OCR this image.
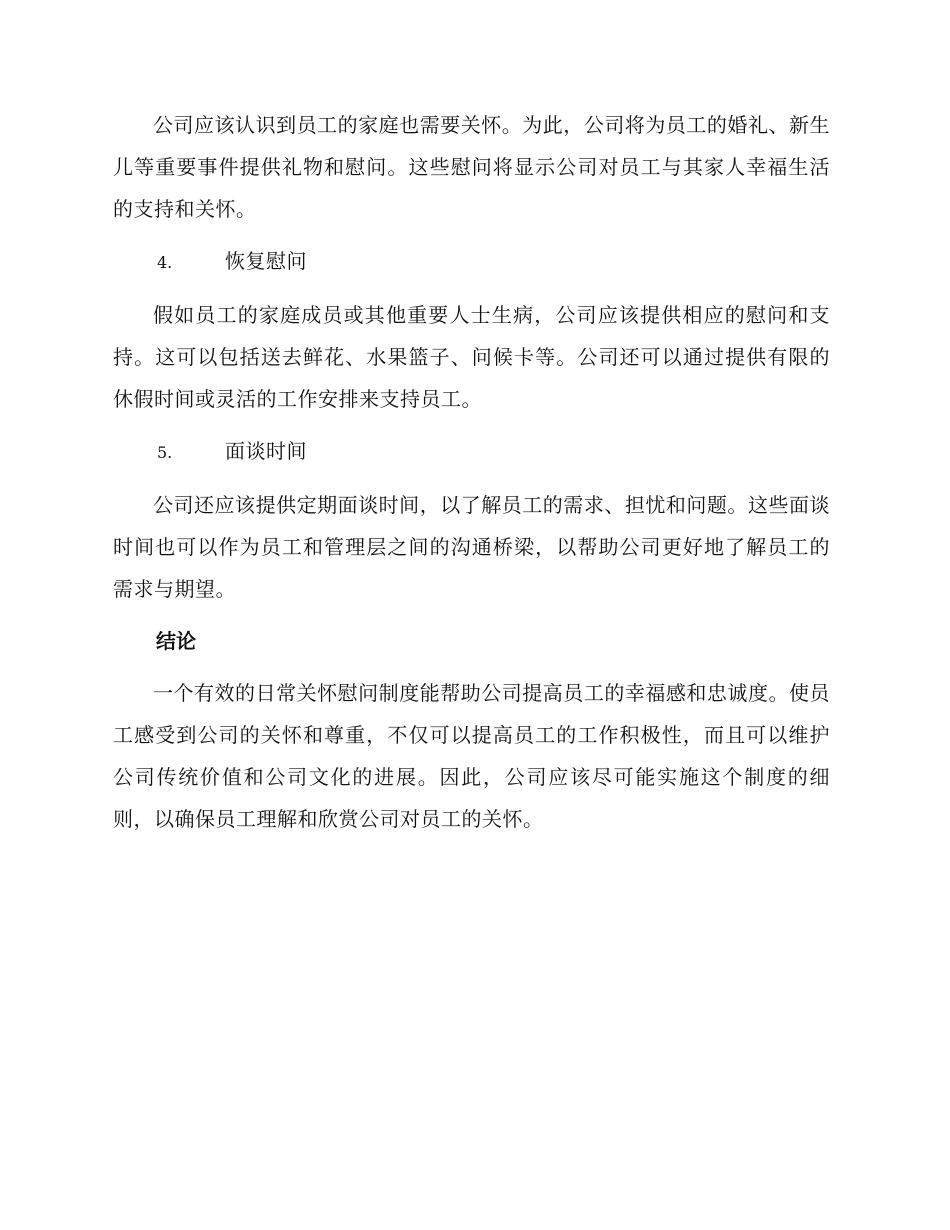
公司应该认识到员工的家庭也需要关怀。为此，公司将为员工的婚礼、新生儿等重要事件提供礼物和慰问。这些慰问将显示公司对员工与其家人幸福生活的支持和关怀。

4.	恢复慰问

假如员工的家庭成员或其他重要人士生病，公司应该提供相应的慰问和支持。这可以包括送去鲜花、水果篮子、问候卡等。公司还可以通过提供有限的休假时间或灵活的工作安排来支持员工。

5.	面谈时间

公司还应该提供定期面谈时间，以了解员工的需求、担忧和问题。这些面谈时间也可以作为员工和管理层之间的沟通桥梁，以帮助公司更好地了解员工的需求与期望。

结论

一个有效的日常关怀慰问制度能帮助公司提高员工的幸福感和忠诚度。使员工感受到公司的关怀和尊重，不仅可以提高员工的工作积极性，而且可以维护公司传统价值和公司文化的进展。因此，公司应该尽可能实施这个制度的细则，以确保员工理解和欣赏公司对员工的关怀。
